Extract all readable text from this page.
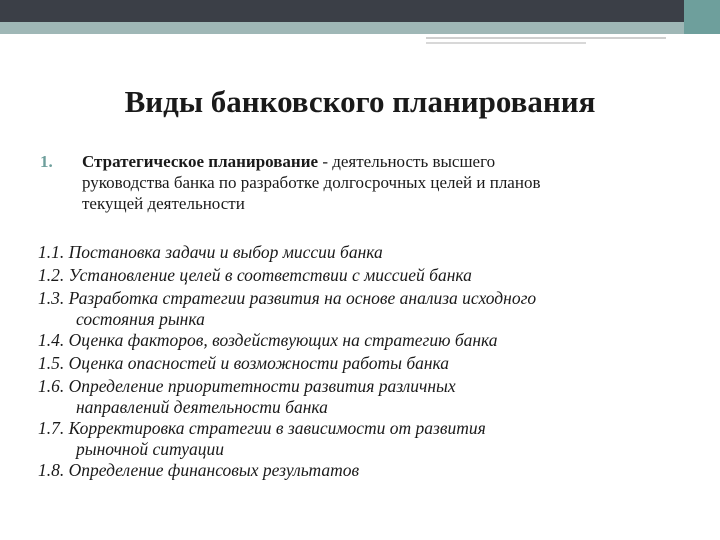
Виды банковского планирования
1. Стратегическое планирование - деятельность высшего
руководства банка по разработке долгосрочных целей и планов
текущей деятельности
1.1. Постановка задачи и выбор миссии банка
1.2. Установление целей в соответствии с миссией банка
1.3. Разработка стратегии развития на основе анализа исходного
состояния рынка
1.4. Оценка факторов, воздействующих на стратегию банка
1.5. Оценка опасностей и возможности работы банка
1.6. Определение приоритетности развития различных
направлений деятельности банка
1.7. Корректировка стратегии в зависимости от развития
рыночной ситуации
1.8. Определение финансовых результатов
